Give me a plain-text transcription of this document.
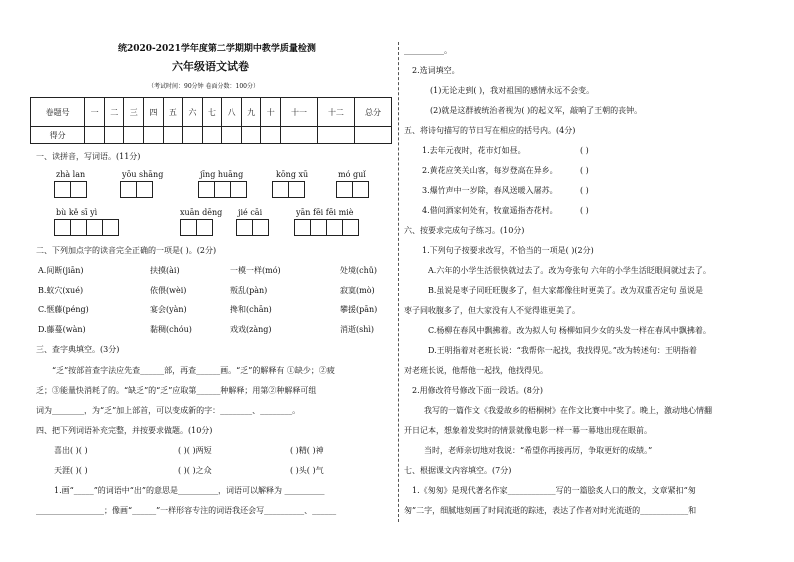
统2020-2021学年度第二学期期中教学质量检测
六年级语文试卷
（考试时间：90分钟 卷面分数：100分）
卷题号	一	二	三	四	五	六	七	八	九	十	十一	十二	总分
得分													
一、读拼音，写词语。(11分)
zhà lan	yōu shāng	jīng huāng	kōng xū	mó guǐ
bù kě sī yì	xuān dēng jié cāi	yān fēi fēi miè
二、下列加点字的读音完全正确的一项是( )。(2分)
A.间断(jiān)	扶摸(ài)	一模一样(mó)	处境(chǔ)
B.蚁穴(xué)	依偎(wèi)	叛乱(pàn)	寂寞(mò)
C.惬藤(péng)	宴会(yàn)	搀和(chān)	攀援(pān)
D.藤蔓(wàn)	黏稠(chóu)	戏戏(zàng)	消逝(shì)
三、查字典填空。(3分)
“乏”按部首查字法应先查______部，再查______画。“乏”的解释有 ①缺少；②疲
乏；③能量快消耗了的。“缺乏”的“乏”应取第______种解释；用第②种解释可组
词为________，为“乏”加上部首，可以变成新的字：________、________。
四、把下列词语补充完整，并按要求做题。(10分)
喜出( )( )	( )( )两短	( )精( )神
天涯( )( )	( )( )之众	( )头( )气
1.画“_____”的词语中“出”的意思是__________，词语可以解释为 __________
_________________；像画“______”一样形容专注的词语我还会写__________、______
__________。
2.选词填空。
(1)无论走到( )，我对祖国的感情永远不会变。
(2)就是这群被统治者视为( )的起义军，敲响了王朝的丧钟。
五、将诗句描写的节日写在相应的括号内。(4分)
1.去年元夜时，花市灯如昼。	( )
2.黄花应笑关山客，每岁登高在异乡。	( )
3.爆竹声中一岁除，春风送暖入屠苏。	( )
4.借问酒家何处有，牧童遥指杏花村。	( )
六、按要求完成句子练习。(10分)
1.下列句子按要求改写，不恰当的一项是( )(2分)
A.六年的小学生活很快就过去了。改为夸张句 六年的小学生活眨眼间就过去了。
B.虽说是枣子同旺旺腹多了，但大家都像往时更美了。改为双重否定句 虽说是
枣子同收腹多了，但大家没有人不觉得谁更美了。
C.杨柳在春风中飘拂着。改为拟人句 杨柳如同少女的头发一样在春风中飘拂着。
D.王明指着对老班长说：“我帮你一起找，我找得见。”改为转述句：王明指着
对老班长说，他帮他一起找，他找得见。
2.用修改符号修改下面一段话。(8分)
我写的一篇作文《我爱故乡的梧桐树》在作文比赛中中奖了。晚上，激动地心情翻
开日记本，想象着发奖时的情景就像电影一样一幕一幕地出现在眼前。
当时，老师亲切地对我说：“希望你再接再厉，争取更好的成绩。”
七、根据课文内容填空。(7分)
1.《匆匆》是现代著名作家____________写的一篇脍炙人口的散文，文章紧扣“匆
匆”二字，细腻地刻画了时间流逝的踪迹，表达了作者对时光流逝的____________和
